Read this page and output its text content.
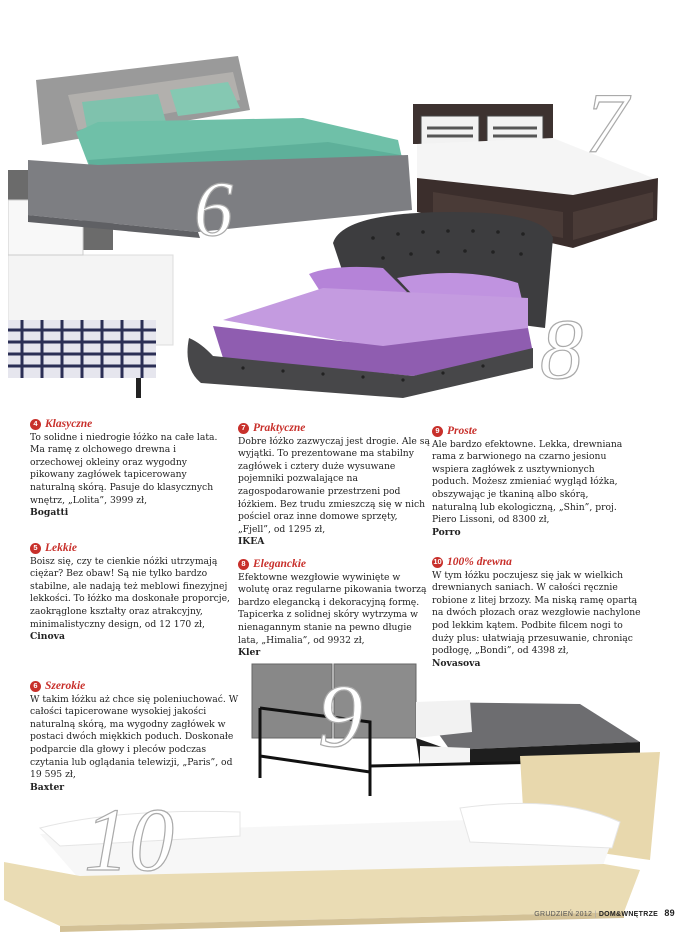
6
7
8
9
10
4 Klasyczne
To solidne i niedrogie łóżko na całe lata. Ma ramę z olchowego drewna i orzechowej okleiny oraz wygodny pikowany zagłówek tapicerowany naturalną skórą. Pasuje do klasycznych wnętrz, „Lolita”, 3999 zł,
Bogatti
5 Lekkie
Boisz się, czy te cienkie nóżki utrzymają ciężar? Bez obaw! Są nie tylko bardzo stabilne, ale nadają też meblowi finezyjnej lekkości. To łóżko ma doskonałe proporcje, zaokrąglone kształty oraz atrakcyjny, minimalistyczny design, od 12 170 zł,
Cinova
6 Szerokie
W takim łóżku aż chce się poleniuchować. W całości tapicerowane wysokiej jakości naturalną skórą, ma wygodny zagłówek w postaci dwóch miękkich poduch. Doskonałe podparcie dla głowy i pleców podczas czytania lub oglądania telewizji, „Paris”, od 19 595 zł,
Baxter
7 Praktyczne
Dobre łóżko zazwyczaj jest drogie. Ale są wyjątki. To prezentowane ma stabilny zagłówek i cztery duże wysuwane pojemniki pozwalające na zagospodarowanie przestrzeni pod łóżkiem. Bez trudu zmieszczą się w nich pościel oraz inne domowe sprzęty, „Fjell”, od 1295 zł,
IKEA
8 Eleganckie
Efektowne wezgłowie wywinięte w wolutę oraz regularne pikowania tworzą bardzo elegancką i dekoracyjną formę. Tapicerka z solidnej skóry wytrzyma w nienagannym stanie na pewno długie lata, „Himalia”, od 9932 zł,
Kler
9 Proste
Ale bardzo efektowne. Lekka, drewniana rama z barwionego na czarno jesionu wspiera zagłówek z usztywnionych poduch. Możesz zmieniać wygląd łóżka, obszywając je tkaniną albo skórą, naturalną lub ekologiczną, „Shin”, proj. Piero Lissoni, od 8300 zł,
Porro
10 100% drewna
W tym łóżku poczujesz się jak w wielkich drewnianych saniach. W całości ręcznie robione z litej brzozy. Ma niską ramę opartą na dwóch płozach oraz wezgłowie nachylone pod lekkim kątem. Podbite filcem nogi to duży plus: ułatwiają przesuwanie, chroniąc podłogę, „Bondi”, od 4398 zł,
Novasova
GRUDZIEŃ 2012 | DOM&WNĘTRZE 89
